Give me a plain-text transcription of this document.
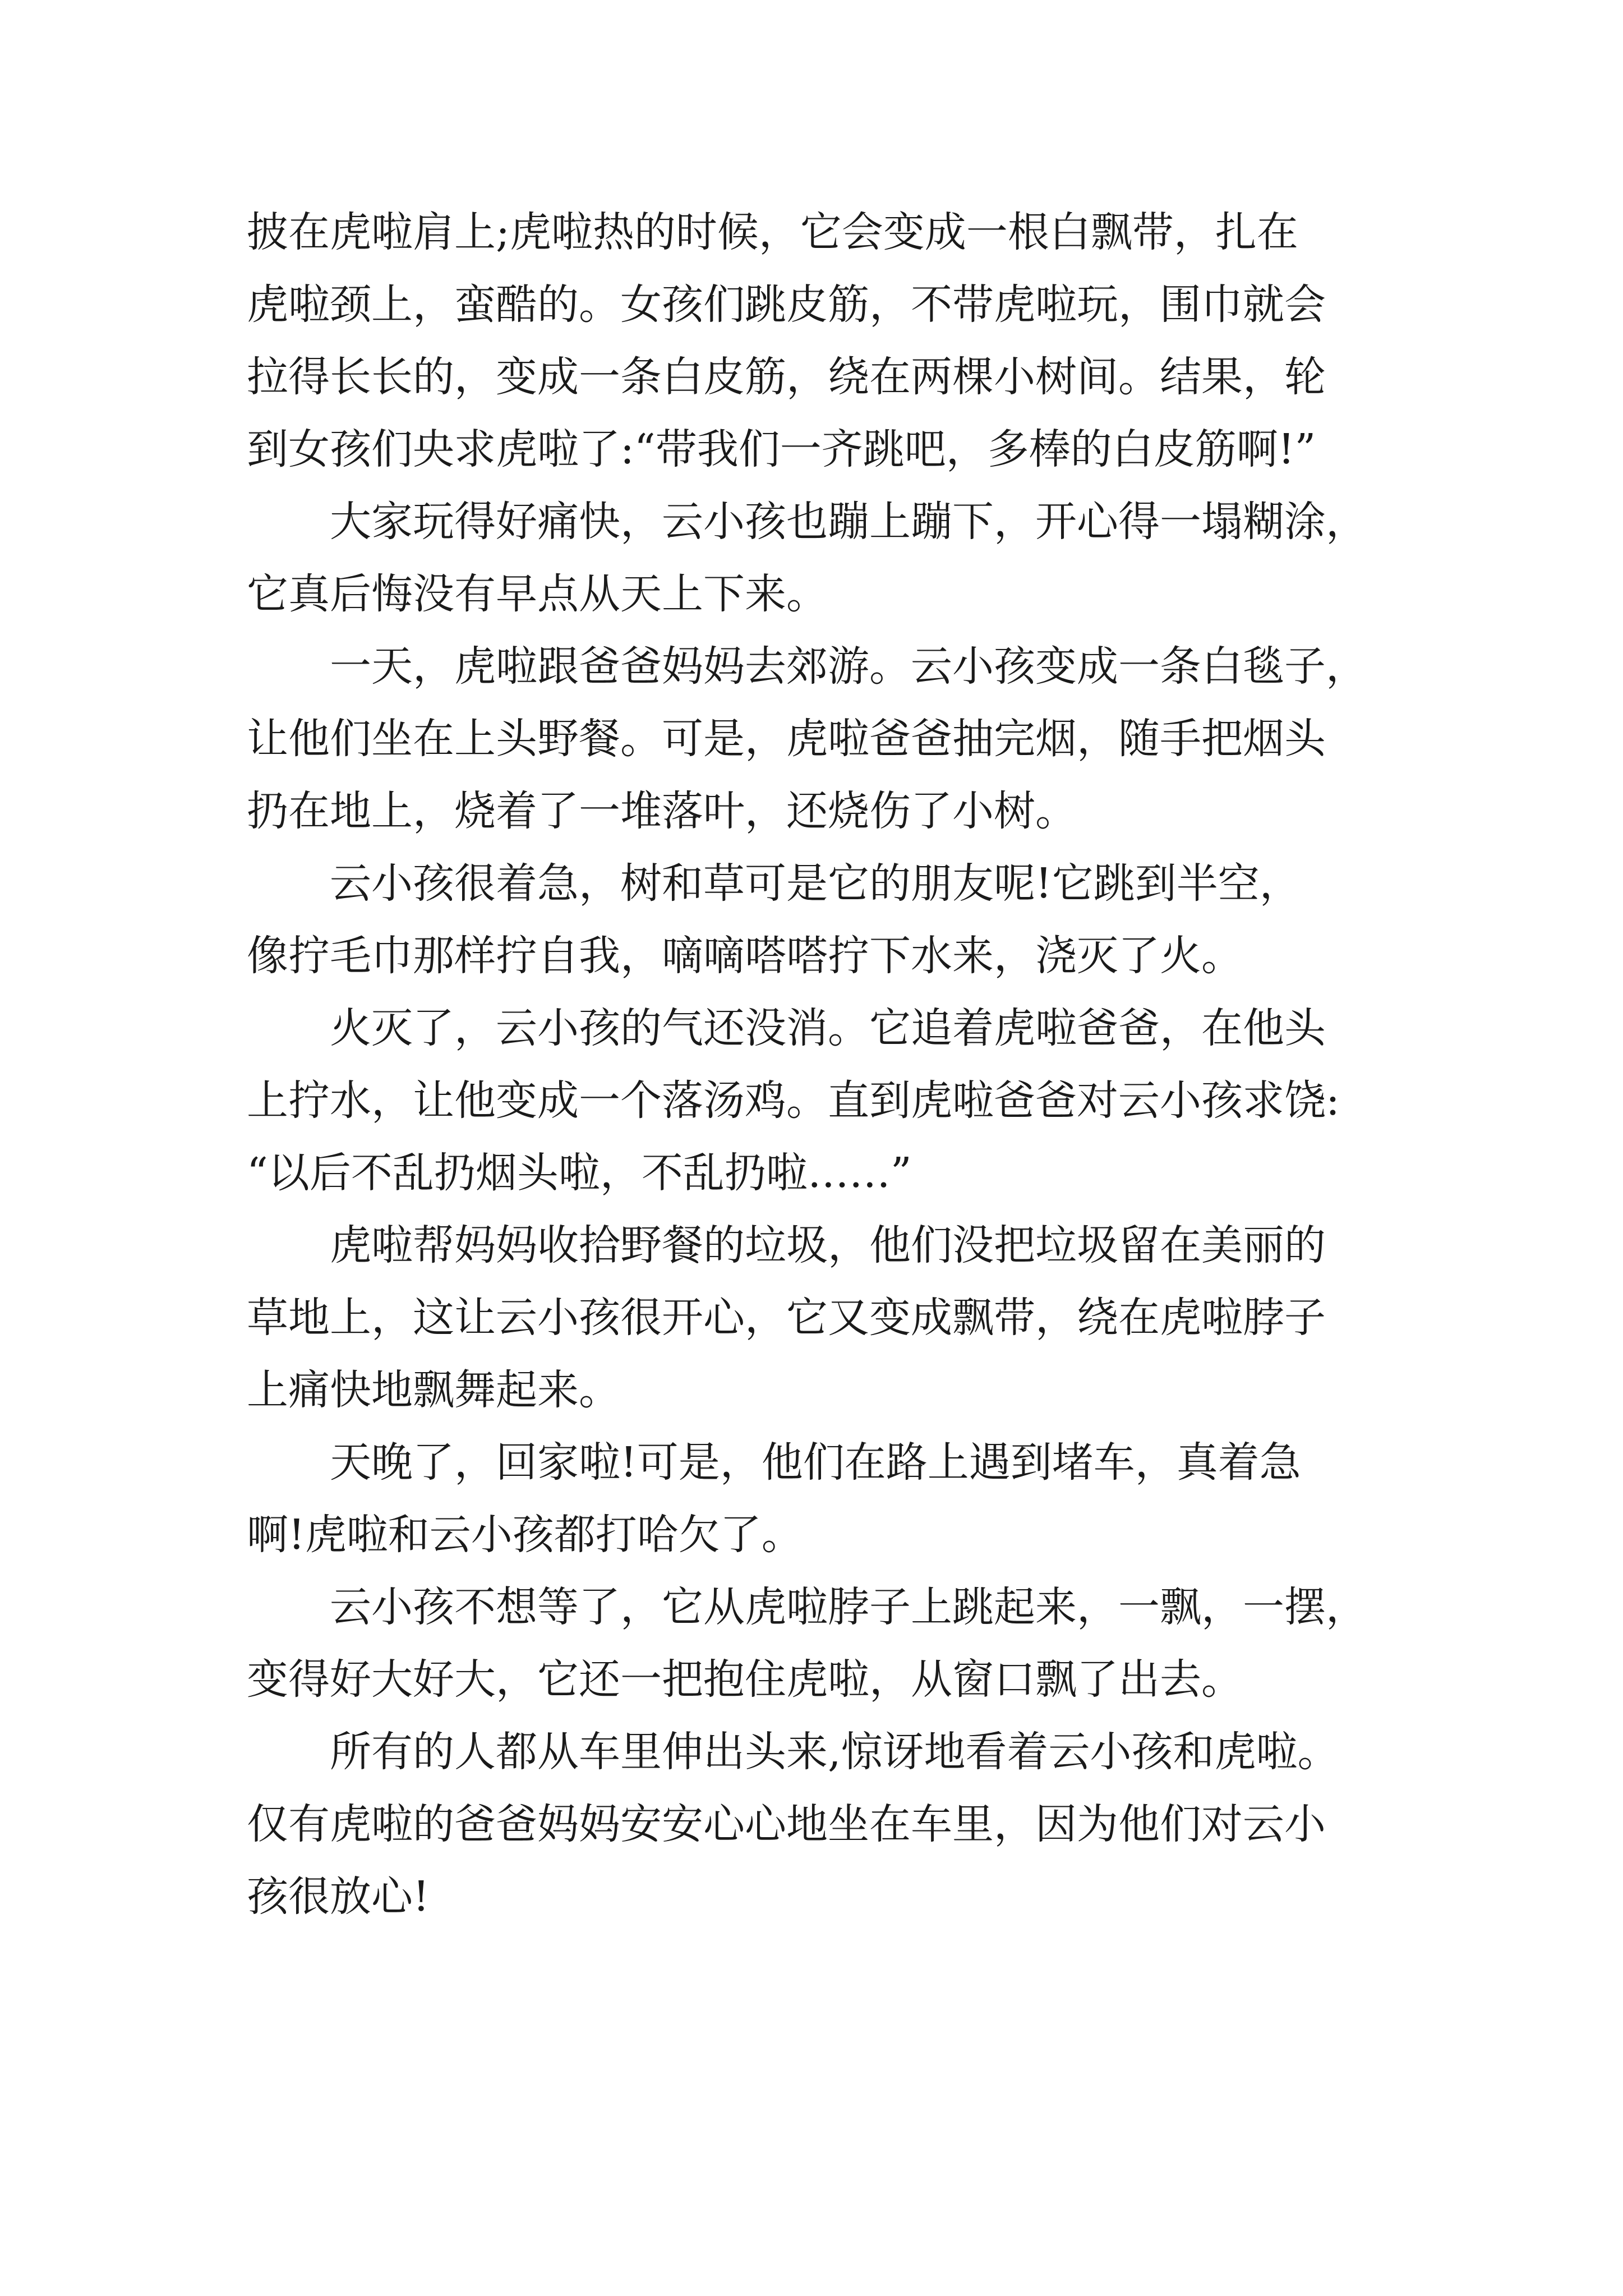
披在虎啦肩上;虎啦热的时候，它会变成一根白飘带，扎在
虎啦颈上，蛮酷的。女孩们跳皮筋，不带虎啦玩，围巾就会
拉得长长的，变成一条白皮筋，绕在两棵小树间。结果，轮
到女孩们央求虎啦了:“带我们一齐跳吧，多棒的白皮筋啊!”
大家玩得好痛快，云小孩也蹦上蹦下，开心得一塌糊涂，
它真后悔没有早点从天上下来。
一天，虎啦跟爸爸妈妈去郊游。云小孩变成一条白毯子，
让他们坐在上头野餐。可是，虎啦爸爸抽完烟，随手把烟头
扔在地上，烧着了一堆落叶，还烧伤了小树。
云小孩很着急，树和草可是它的朋友呢!它跳到半空，
像拧毛巾那样拧自我，嘀嘀嗒嗒拧下水来，浇灭了火。
火灭了，云小孩的气还没消。它追着虎啦爸爸，在他头
上拧水，让他变成一个落汤鸡。直到虎啦爸爸对云小孩求饶:
“以后不乱扔烟头啦，不乱扔啦……”
虎啦帮妈妈收拾野餐的垃圾，他们没把垃圾留在美丽的
草地上，这让云小孩很开心，它又变成飘带，绕在虎啦脖子
上痛快地飘舞起来。
天晚了，回家啦!可是，他们在路上遇到堵车，真着急
啊!虎啦和云小孩都打哈欠了。
云小孩不想等了，它从虎啦脖子上跳起来，一飘，一摆，
变得好大好大，它还一把抱住虎啦，从窗口飘了出去。
所有的人都从车里伸出头来,惊讶地看着云小孩和虎啦。
仅有虎啦的爸爸妈妈安安心心地坐在车里，因为他们对云小
孩很放心!
